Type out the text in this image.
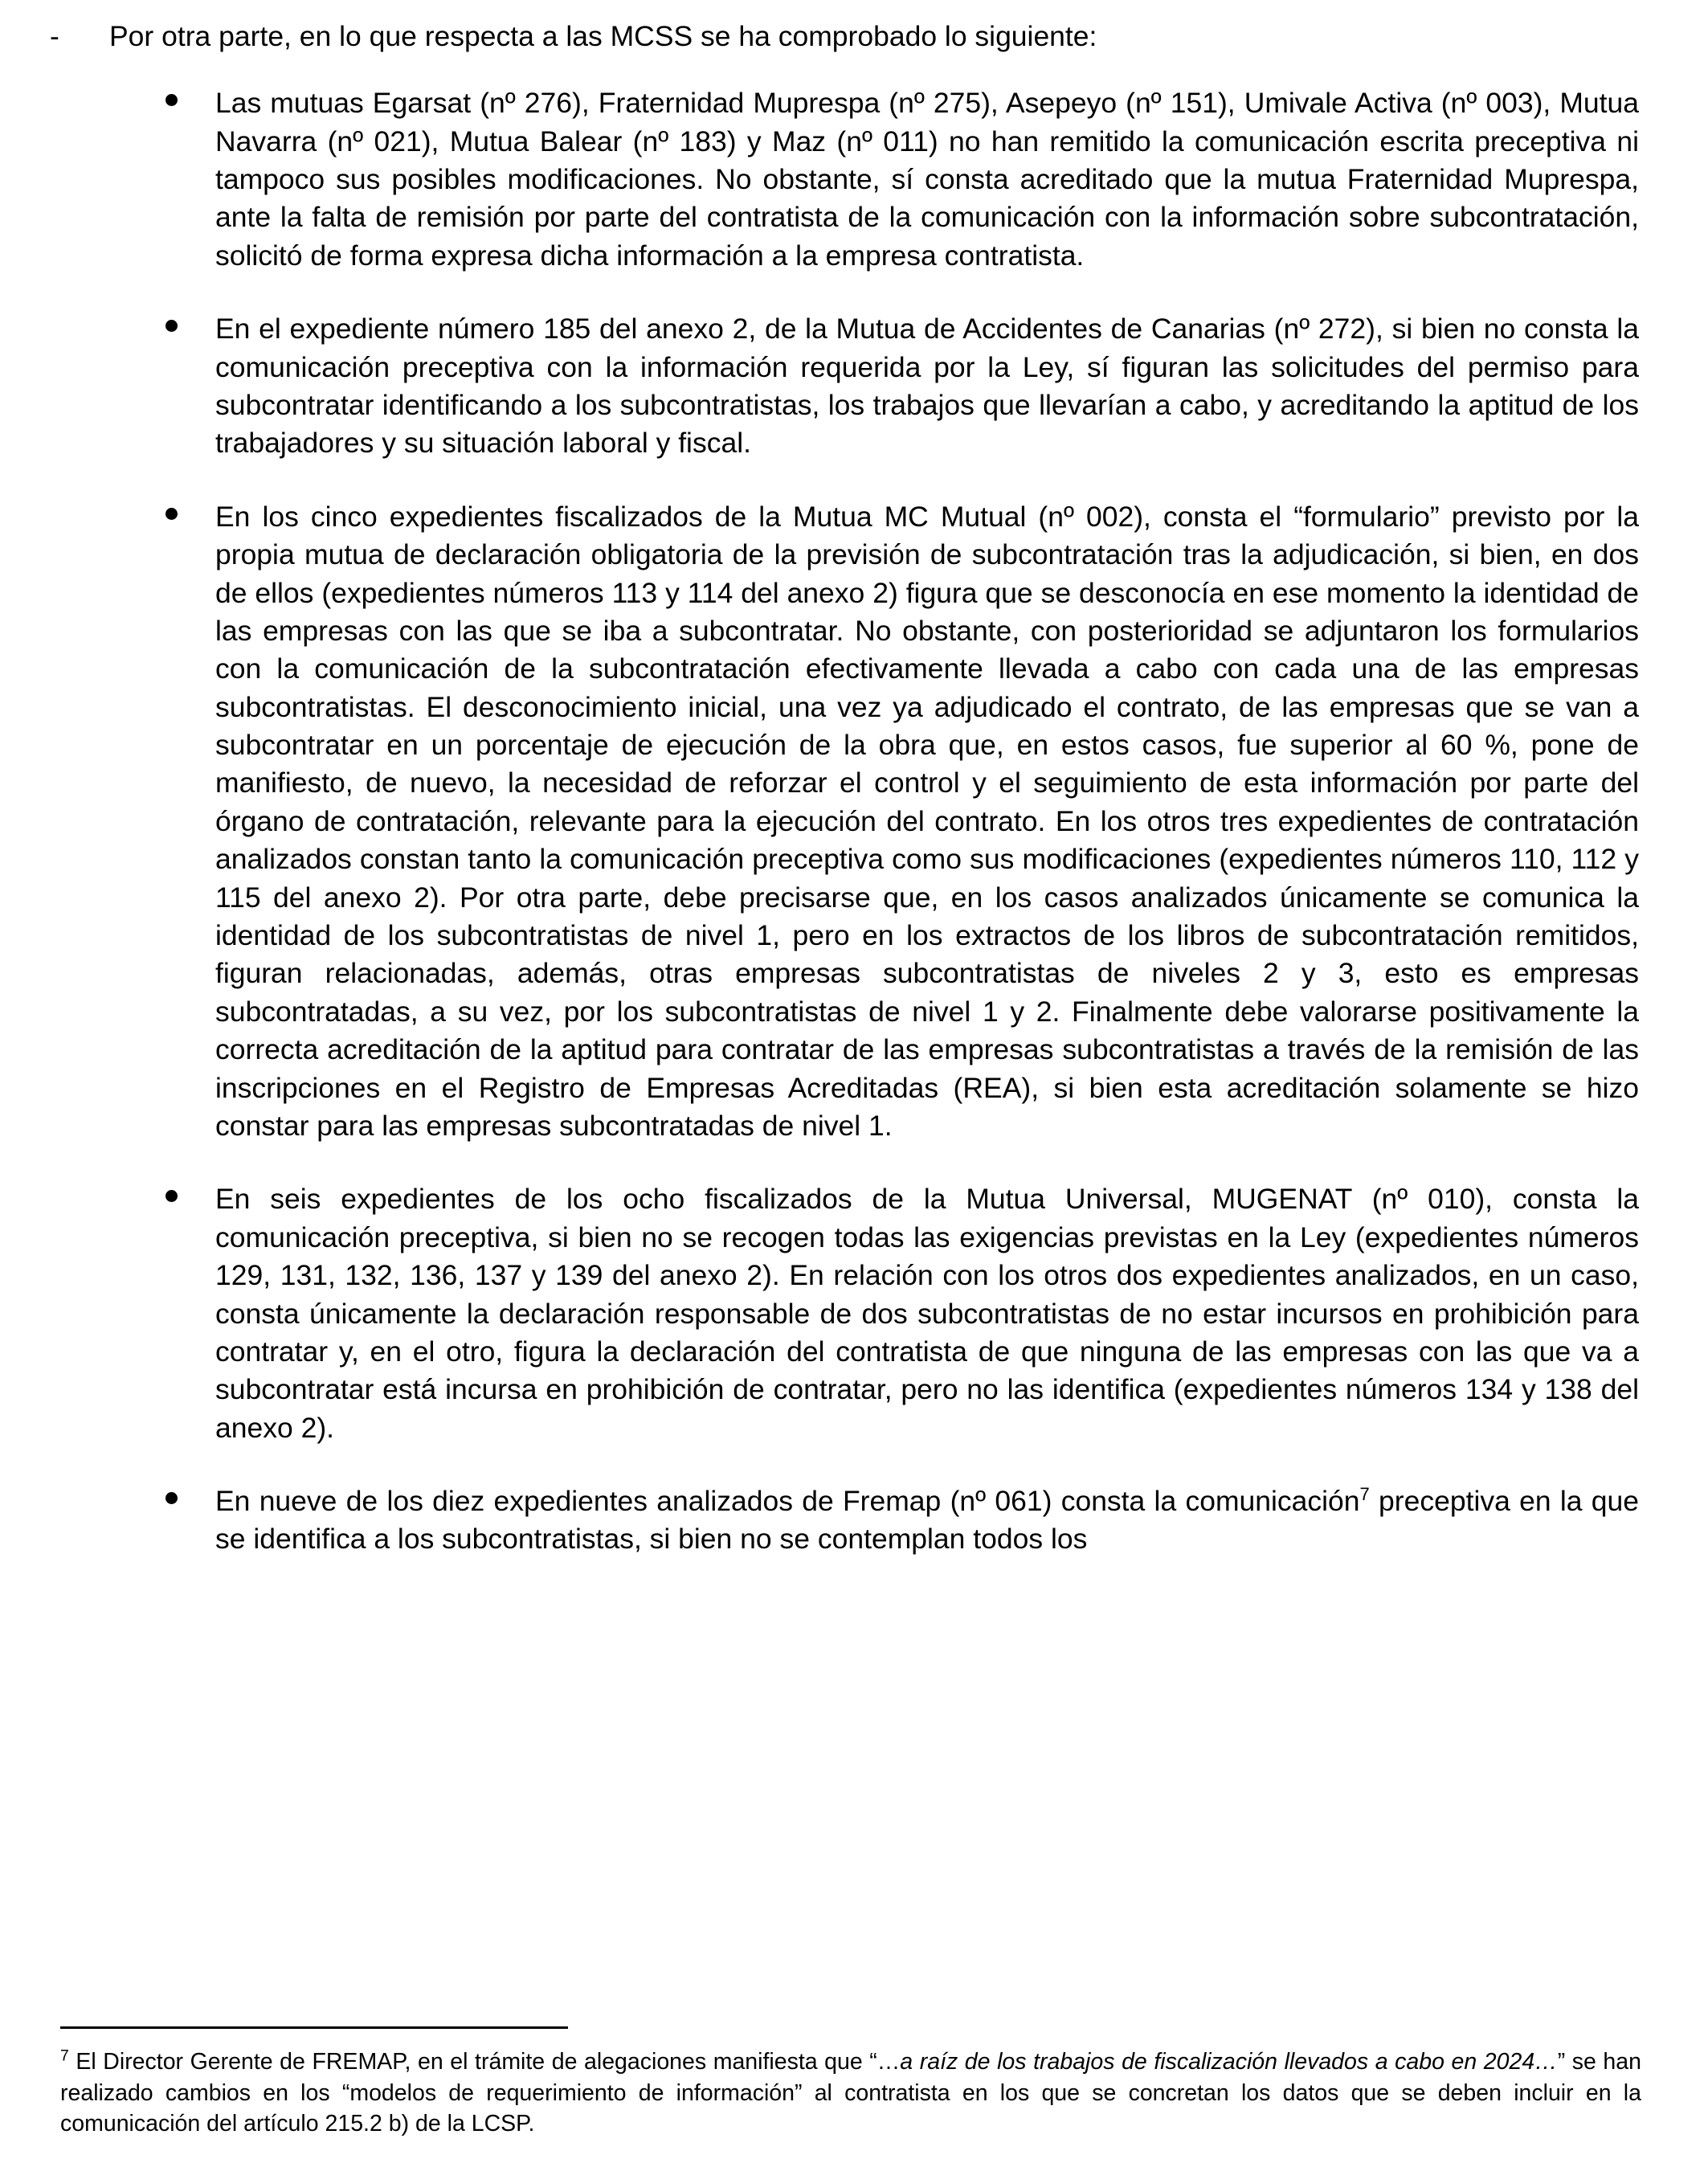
- Por otra parte, en lo que respecta a las MCSS se ha comprobado lo siguiente:
Las mutuas Egarsat (nº 276), Fraternidad Muprespa (nº 275), Asepeyo (nº 151), Umivale Activa (nº 003), Mutua Navarra (nº 021), Mutua Balear (nº 183) y Maz (nº 011) no han remitido la comunicación escrita preceptiva ni tampoco sus posibles modificaciones. No obstante, sí consta acreditado que la mutua Fraternidad Muprespa, ante la falta de remisión por parte del contratista de la comunicación con la información sobre subcontratación, solicitó de forma expresa dicha información a la empresa contratista.
En el expediente número 185 del anexo 2, de la Mutua de Accidentes de Canarias (nº 272), si bien no consta la comunicación preceptiva con la información requerida por la Ley, sí figuran las solicitudes del permiso para subcontratar identificando a los subcontratistas, los trabajos que llevarían a cabo, y acreditando la aptitud de los trabajadores y su situación laboral y fiscal.
En los cinco expedientes fiscalizados de la Mutua MC Mutual (nº 002), consta el “formulario” previsto por la propia mutua de declaración obligatoria de la previsión de subcontratación tras la adjudicación, si bien, en dos de ellos (expedientes números 113 y 114 del anexo 2) figura que se desconocía en ese momento la identidad de las empresas con las que se iba a subcontratar. No obstante, con posterioridad se adjuntaron los formularios con la comunicación de la subcontratación efectivamente llevada a cabo con cada una de las empresas subcontratistas. El desconocimiento inicial, una vez ya adjudicado el contrato, de las empresas que se van a subcontratar en un porcentaje de ejecución de la obra que, en estos casos, fue superior al 60 %, pone de manifiesto, de nuevo, la necesidad de reforzar el control y el seguimiento de esta información por parte del órgano de contratación, relevante para la ejecución del contrato. En los otros tres expedientes de contratación analizados constan tanto la comunicación preceptiva como sus modificaciones (expedientes números 110, 112 y 115 del anexo 2). Por otra parte, debe precisarse que, en los casos analizados únicamente se comunica la identidad de los subcontratistas de nivel 1, pero en los extractos de los libros de subcontratación remitidos, figuran relacionadas, además, otras empresas subcontratistas de niveles 2 y 3, esto es empresas subcontratadas, a su vez, por los subcontratistas de nivel 1 y 2. Finalmente debe valorarse positivamente la correcta acreditación de la aptitud para contratar de las empresas subcontratistas a través de la remisión de las inscripciones en el Registro de Empresas Acreditadas (REA), si bien esta acreditación solamente se hizo constar para las empresas subcontratadas de nivel 1.
En seis expedientes de los ocho fiscalizados de la Mutua Universal, MUGENAT (nº 010), consta la comunicación preceptiva, si bien no se recogen todas las exigencias previstas en la Ley (expedientes números 129, 131, 132, 136, 137 y 139 del anexo 2). En relación con los otros dos expedientes analizados, en un caso, consta únicamente la declaración responsable de dos subcontratistas de no estar incursos en prohibición para contratar y, en el otro, figura la declaración del contratista de que ninguna de las empresas con las que va a subcontratar está incursa en prohibición de contratar, pero no las identifica (expedientes números 134 y 138 del anexo 2).
En nueve de los diez expedientes analizados de Fremap (nº 061) consta la comunicación$^7$ preceptiva en la que se identifica a los subcontratistas, si bien no se contemplan todos los
$^7$ El Director Gerente de FREMAP, en el trámite de alegaciones manifiesta que “…a raíz de los trabajos de fiscalización llevados a cabo en 2024…” se han realizado cambios en los “modelos de requerimiento de información” al contratista en los que se concretan los datos que se deben incluir en la comunicación del artículo 215.2 b) de la LCSP.
